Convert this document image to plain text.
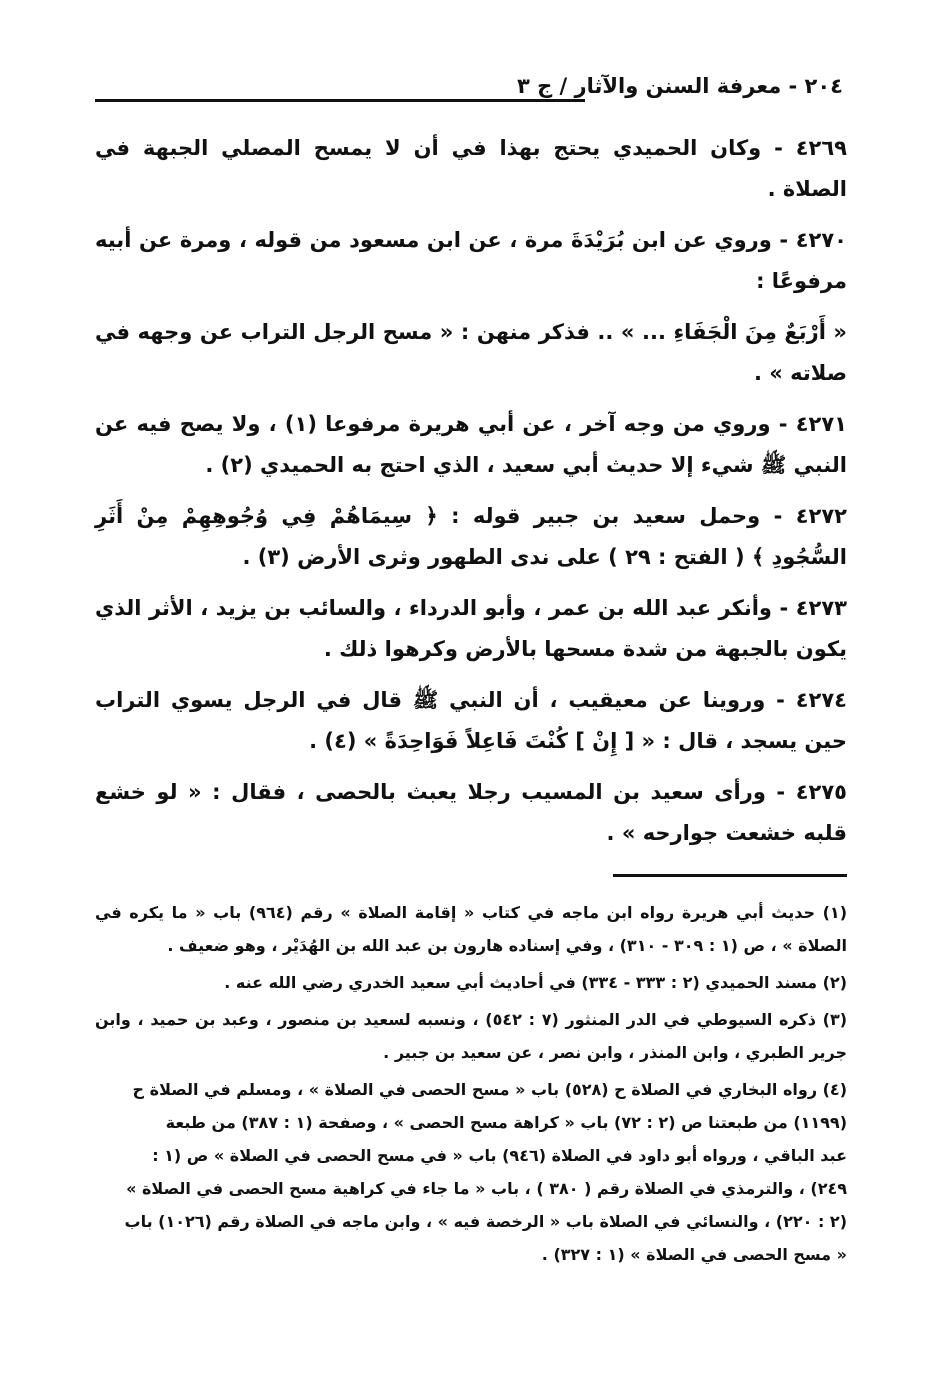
٢٠٤ - معرفة السنن والآثار / ج ٣

٤٢٦٩ - وكان الحميدي يحتج بهذا في أن لا يمسح المصلي الجبهة في الصلاة .

٤٢٧٠ - وروي عن ابن بُرَيْدَةَ مرة ، عن ابن مسعود من قوله ، ومرة عن أبيه مرفوعًا :

« أَرْبَعٌ مِنَ الْجَفَاءِ ... » .. فذكر منهن : « مسح الرجل التراب عن وجهه في صلاته » .

٤٢٧١ - وروي من وجه آخر ، عن أبي هريرة مرفوعا (١) ، ولا يصح فيه عن النبي ﷺ شيء إلا حديث أبي سعيد ، الذي احتج به الحميدي (٢) .

٤٢٧٢ - وحمل سعيد بن جبير قوله : ﴿ سِيمَاهُمْ فِي وُجُوهِهِمْ مِنْ أَثَرِ السُّجُودِ ﴾ ( الفتح : ٢٩ ) على ندى الطهور وثرى الأرض (٣) .

٤٢٧٣ - وأنكر عبد الله بن عمر ، وأبو الدرداء ، والسائب بن يزيد ، الأثر الذي يكون بالجبهة من شدة مسحها بالأرض وكرهوا ذلك .

٤٢٧٤ - وروينا عن معيقيب ، أن النبي ﷺ قال في الرجل يسوي التراب حين يسجد ، قال : « [ إِنْ ] كُنْتَ فَاعِلاً فَوَاحِدَةً » (٤) .

٤٢٧٥ - ورأى سعيد بن المسيب رجلا يعبث بالحصى ، فقال : « لو خشع قلبه خشعت جوارحه » .

(١) حديث أبي هريرة رواه ابن ماجه في كتاب « إقامة الصلاة » رقم (٩٦٤) باب « ما يكره في الصلاة » ، ص (١ : ٣٠٩ - ٣١٠) ، وفي إسناده هارون بن عبد الله بن الهُدَيْر ، وهو ضعيف .

(٢) مسند الحميدي (٢ : ٣٣٣ - ٣٣٤) في أحاديث أبي سعيد الخدري رضي الله عنه .

(٣) ذكره السيوطي في الدر المنثور (٧ : ٥٤٢) ، ونسبه لسعيد بن منصور ، وعبد بن حميد ، وابن جرير الطبري ، وابن المنذر ، وابن نصر ، عن سعيد بن جبير .

(٤) رواه البخاري في الصلاة ح (٥٢٨) باب « مسح الحصى في الصلاة » ، ومسلم في الصلاة ح

(١١٩٩) من طبعتنا ص (٢ : ٧٢) باب « كراهة مسح الحصى » ، وصفحة (١ : ٣٨٧) من طبعة

عبد الباقي ، ورواه أبو داود في الصلاة (٩٤٦) باب « في مسح الحصى في الصلاة » ص (١ :

٢٤٩) ، والترمذي في الصلاة رقم ( ٣٨٠ ) ، باب « ما جاء في كراهية مسح الحصى في الصلاة »

(٢ : ٢٢٠) ، والنسائي في الصلاة باب « الرخصة فيه » ، وابن ماجه في الصلاة رقم (١٠٢٦) باب

« مسح الحصى في الصلاة » (١ : ٣٢٧) .
